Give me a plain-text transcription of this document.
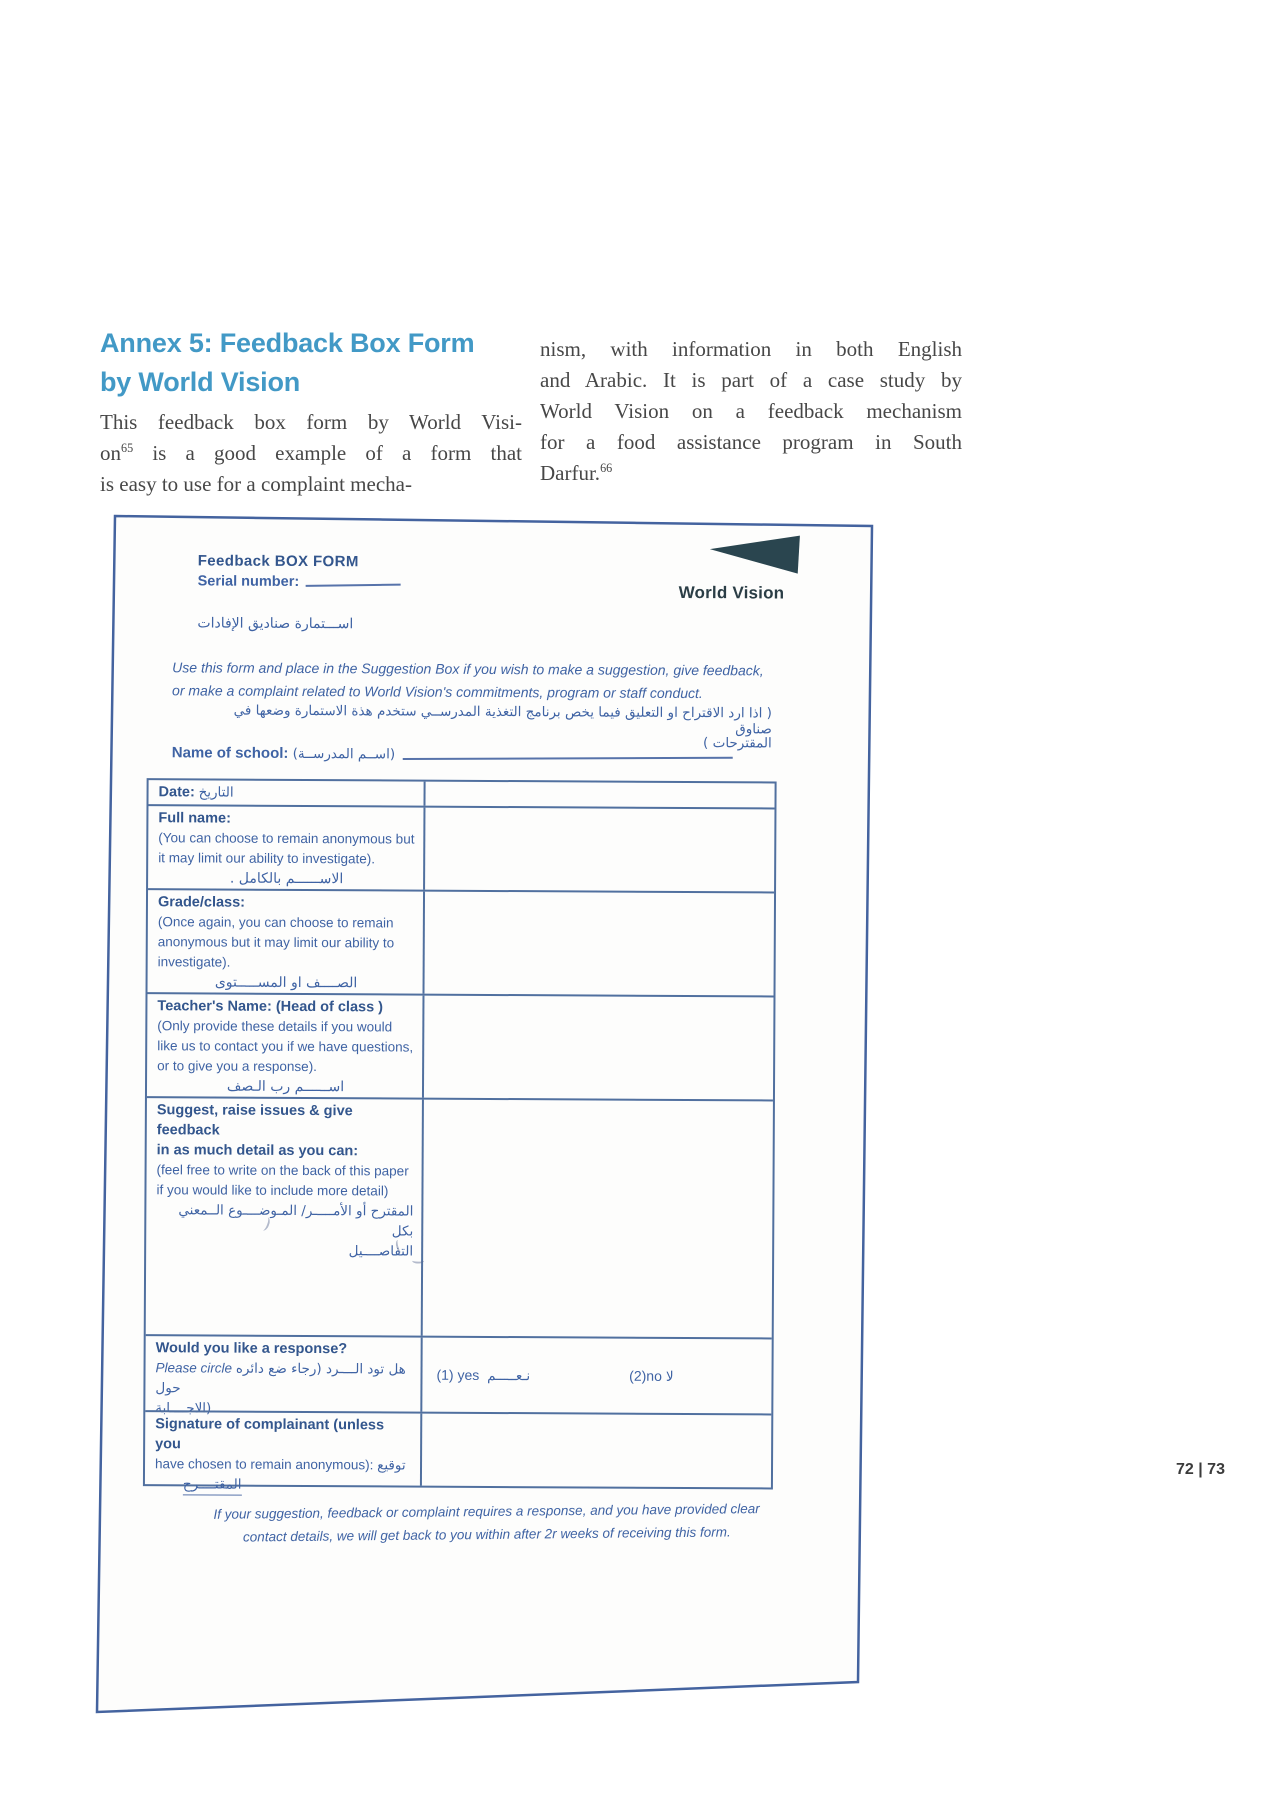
Annex 5: Feedback Box Form
by World Vision
This feedback box form by World Visi-
$on^{65}$ is a good example of a form that
is easy to use for a complaint mecha-
nism, with information in both English
and Arabic. It is part of a case study by
World Vision on a feedback mechanism
for a food assistance program in South
Darfur.$^{66}$
Feedback BOX FORM
Serial number:
اســـتمارة صناديق الإفادات
World Vision
Use this form and place in the Suggestion Box if you wish to make a suggestion, give feedback,
or make a complaint related to World Vision's commitments, program or staff conduct.
( اذا ارد الاقتراح او التعليق فيما يخص برنامج التغذية المدرســي ستخدم هذة الاستمارة وضعها في صناوق
المقترحات )
Name of school: (اســم المدرســة)
Date: التاريخ
Full name:
(You can choose to remain anonymous but
it may limit our ability to investigate).
الاســــــم بالكامل .
Grade/class:
(Once again, you can choose to remain
anonymous but it may limit our ability to
investigate).
الصــــف او المســـــتوى
Teacher's Name: (Head of class )
(Only provide these details if you would
like us to contact you if we have questions,
or to give you a response).
اســــــم رب الـصف
Suggest, raise issues & give feedback
in as much detail as you can:
(feel free to write on the back of this paper
if you would like to include more detail)
المقترح أو الأمـــــر/ المـوضــــوع الــمعني بكل
التفاصــــيل
Would you like a response?
Please circle هل تود الــــرد (رجاء ضع دائره حول
الاجــــابة)
(1) yes نـعـــــم	(2)no لا
Signature of complainant (unless you
have chosen to remain anonymous): توقيع
المقتــــرح
If your suggestion, feedback or complaint requires a response, and you have provided clear
contact details, we will get back to you within after 2r weeks of receiving this form.
72 | 73
